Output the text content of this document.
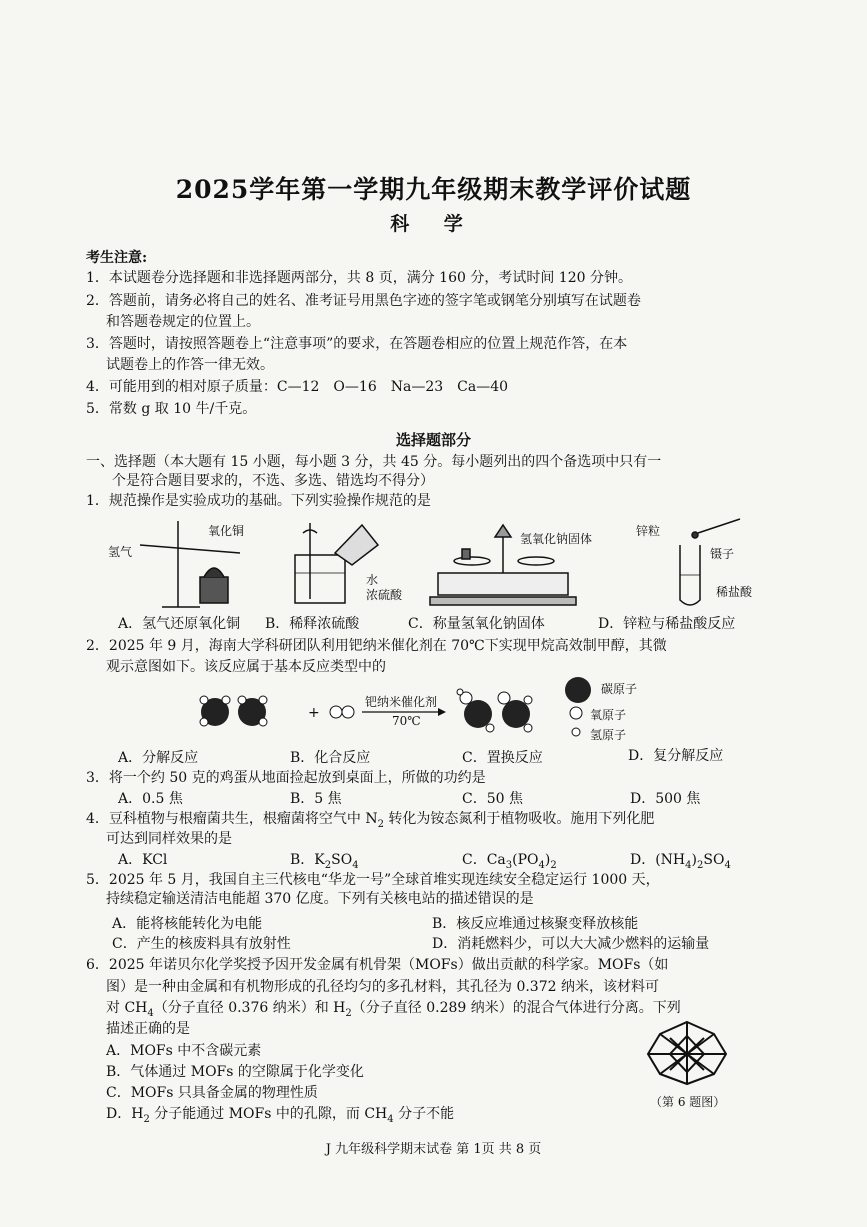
2025学年第一学期九年级期末教学评价试题
科 学
考生注意:
1．本试题卷分选择题和非选择题两部分，共 8 页，满分 160 分，考试时间 120 分钟。
2．答题前，请务必将自己的姓名、准考证号用黑色字迹的签字笔或钢笔分别填写在试题卷
和答题卷规定的位置上。
3．答题时，请按照答题卷上“注意事项”的要求，在答题卷相应的位置上规范作答，在本
试题卷上的作答一律无效。
4．可能用到的相对原子质量：C—12　O—16　Na—23　Ca—40
5．常数 g 取 10 牛/千克。
选择题部分
一、选择题（本大题有 15 小题，每小题 3 分，共 45 分。每小题列出的四个备选项中只有一
个是符合题目要求的，不选、多选、错选均不得分）
1．规范操作是实验成功的基础。下列实验操作规范的是
氢气
氧化铜
水
浓硫酸
氢氧化钠固体
锌粒
镊子
稀盐酸
A．氢气还原氧化铜 B．稀释浓硫酸	C．称量氢氧化钠固体	D．锌粒与稀盐酸反应
2．2025 年 9 月，海南大学科研团队利用钯纳米催化剂在 70℃下实现甲烷高效制甲醇，其微
观示意图如下。该反应属于基本反应类型中的
+
钯纳米催化剂
70℃
碳原子
氧原子
氢原子
A．分解反应	B．化合反应	C．置换反应	D．复分解反应
3．将一个约 50 克的鸡蛋从地面捡起放到桌面上，所做的功约是
A．0.5 焦	B．5 焦	C．50 焦	D．500 焦
4．豆科植物与根瘤菌共生，根瘤菌将空气中 $N_2$ 转化为铵态氮利于植物吸收。施用下列化肥
可达到同样效果的是
A．KCl	B．$K_2SO_4$	C．$Ca_3(PO_4)_2$	D．$(NH_4)_2SO_4$
5．2025 年 5 月，我国自主三代核电“华龙一号”全球首堆实现连续安全稳定运行 1000 天，
持续稳定输送清洁电能超 370 亿度。下列有关核电站的描述错误的是
A．能将核能转化为电能	B．核反应堆通过核聚变释放核能
C．产生的核废料具有放射性	D．消耗燃料少，可以大大减少燃料的运输量
6．2025 年诺贝尔化学奖授予因开发金属有机骨架（MOFs）做出贡献的科学家。MOFs（如
图）是一种由金属和有机物形成的孔径均匀的多孔材料，其孔径为 0.372 纳米，该材料可
对 $CH_4$（分子直径 0.376 纳米）和 $H_2$（分子直径 0.289 纳米）的混合气体进行分离。下列
描述正确的是
A．MOFs 中不含碳元素
B．气体通过 MOFs 的空隙属于化学变化
C．MOFs 只具备金属的物理性质
D．$H_2$ 分子能通过 MOFs 中的孔隙，而 $CH_4$ 分子不能
（第 6 题图）
J 九年级科学期末试卷 第 1页 共 8 页
